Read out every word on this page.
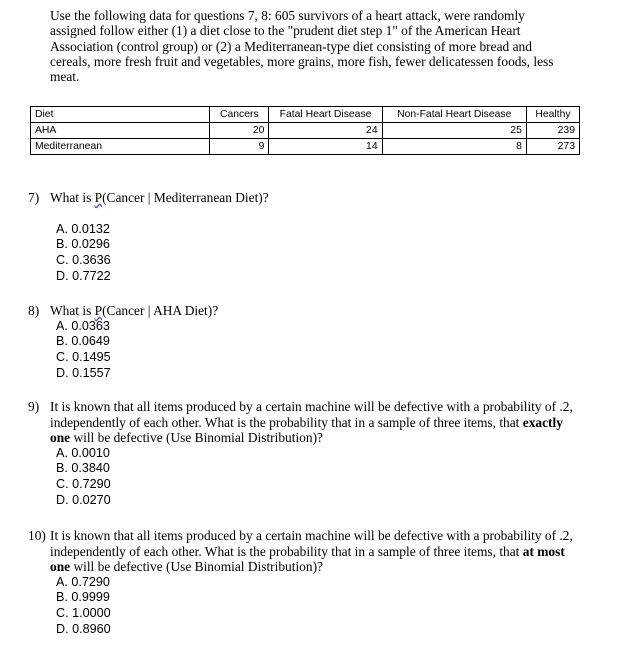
Use the following data for questions 7, 8: 605 survivors of a heart attack, were randomly assigned follow either (1) a diet close to the "prudent diet step 1" of the American Heart Association (control group) or (2) a Mediterranean-type diet consisting of more bread and cereals, more fresh fruit and vegetables, more grains, more fish, fewer delicatessen foods, less meat.
Diet	Cancers	Fatal Heart Disease	Non-Fatal Heart Disease	Healthy
AHA	20	24	25	239
Mediterranean	9	14	8	273
7) What is P(Cancer | Mediterranean Diet)?
A. 0.0132
B. 0.0296
C. 0.3636
D. 0.7722
8) What is P(Cancer | AHA Diet)?
A. 0.0363
B. 0.0649
C. 0.1495
D. 0.1557
9) It is known that all items produced by a certain machine will be defective with a probability of .2, independently of each other. What is the probability that in a sample of three items, that exactly one will be defective (Use Binomial Distribution)?
A. 0.0010
B. 0.3840
C. 0.7290
D. 0.0270
10) It is known that all items produced by a certain machine will be defective with a probability of .2, independently of each other. What is the probability that in a sample of three items, that at most one will be defective (Use Binomial Distribution)?
A. 0.7290
B. 0.9999
C. 1.0000
D. 0.8960
